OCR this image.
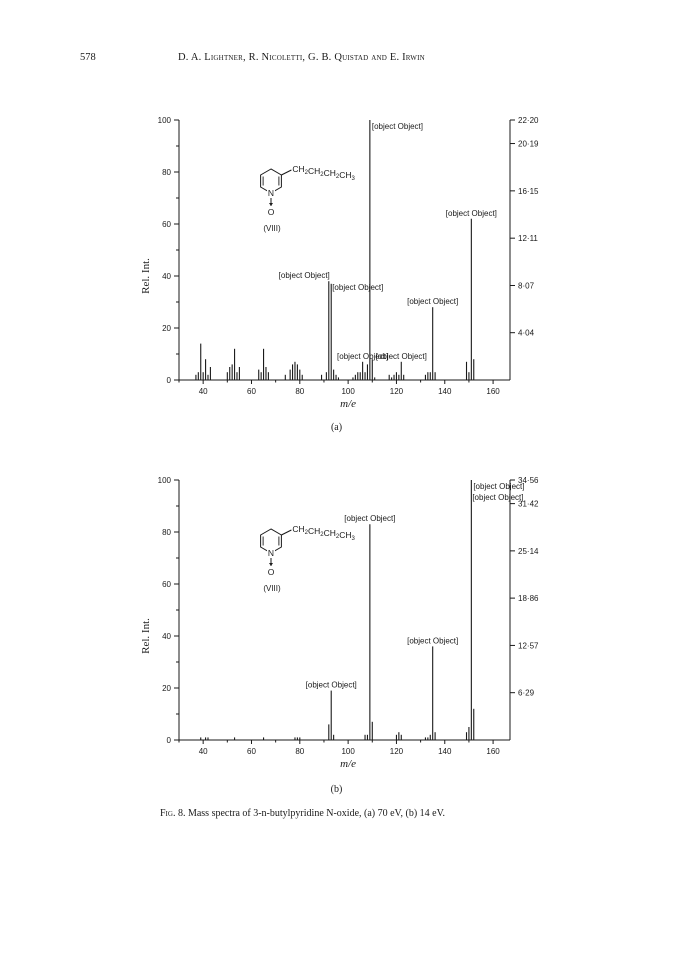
578	D. A. Lightner, R. Nicoletti, G. B. Quistad and E. Irwin
0
20
40
60
80
100
40	60	80	100	120	140	160
m/e
Rel. Int.
22·20
20·19
16·15
12·11
8·07
4·04
[object Object]
[object Object]
[object Object]
[object Object]
[object Object]
[object Object]
[object Object]
$CH_2CH_2CH_2CH_3$
N
O
(VIII)
(a)
0
20
40
60
80
100
40	60	80	100	120	140	160
m/e
Rel. Int.
34·56
31·42
25·14
18·86
12·57
6·29
[object Object]
[object Object]
[object Object]
[object Object]
[object Object]
$CH_2CH_2CH_2CH_3$
N
O
(VIII)
(b)
Fig. 8. Mass spectra of 3-n-butylpyridine N-oxide, (a) 70 eV, (b) 14 eV.
